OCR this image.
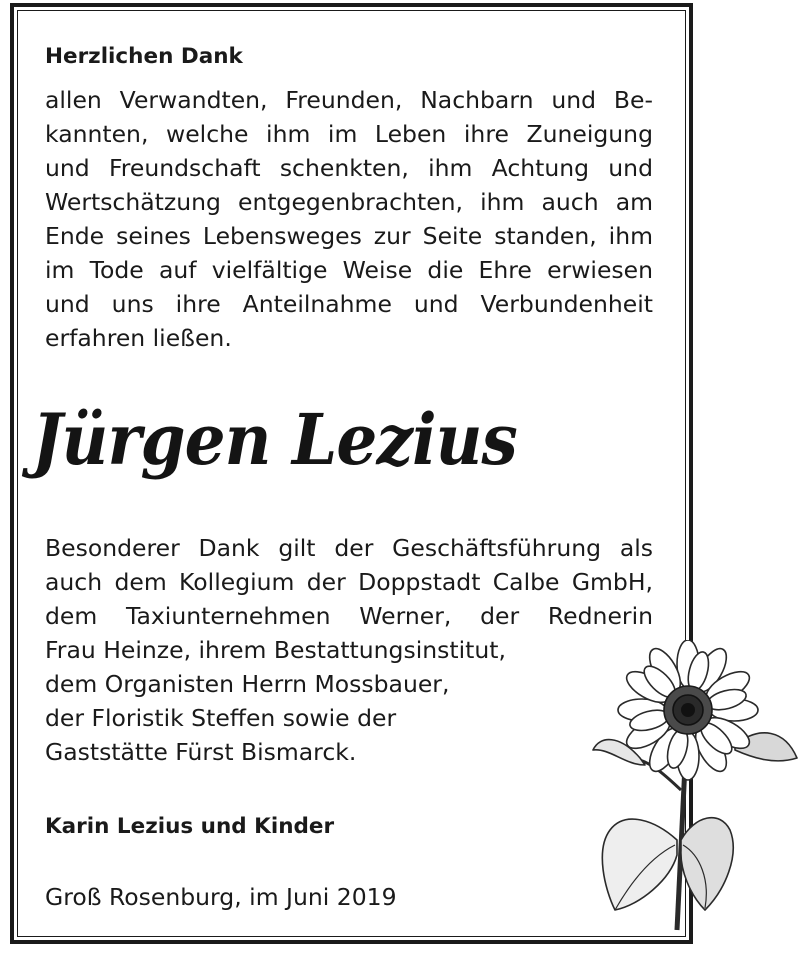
Herzlichen Dank

allen Verwandten, Freunden, Nachbarn und Be-
kannten, welche ihm im Leben ihre Zuneigung
und Freundschaft schenkten, ihm Achtung und
Wertschätzung entgegenbrachten, ihm auch am
Ende seines Lebensweges zur Seite standen, ihm
im Tode auf vielfältige Weise die Ehre erwiesen
und uns ihre Anteilnahme und Verbundenheit
erfahren ließen.

Jürgen Lezius

Besonderer Dank gilt der Geschäftsführung als
auch dem Kollegium der Doppstadt Calbe GmbH,
dem Taxiunternehmen Werner, der Rednerin
Frau Heinze, ihrem Bestattungsinstitut,
dem Organisten Herrn Mossbauer,
der Floristik Steffen sowie der
Gaststätte Fürst Bismarck.

Karin Lezius und Kinder

Groß Rosenburg, im Juni 2019
